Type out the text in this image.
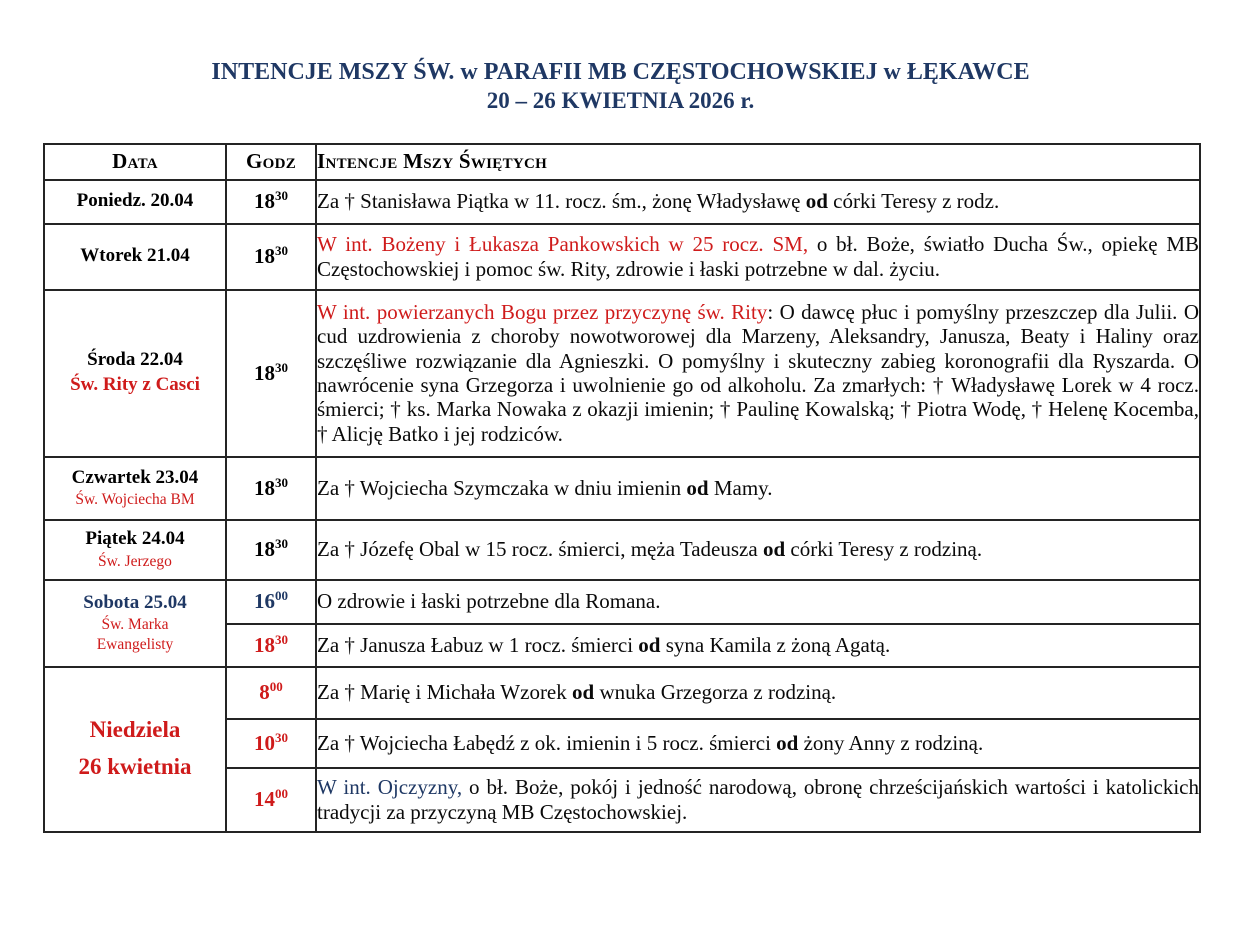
INTENCJE MSZY ŚW. w PARAFII MB CZĘSTOCHOWSKIEJ w ŁĘKAWCE
20 – 26 KWIETNIA 2026 r.
Data	Godz	Intencje Mszy Świętych

Poniedz. 20.04	$18^{30}$	Za † Stanisława Piątka w 11. rocz. śm., żonę Władysławę od córki Teresy z rodz.

Wtorek 21.04	$18^{30}$	W int. Bożeny i Łukasza Pankowskich w 25 rocz. SM, o bł. Boże, światło Ducha Św., opiekę MB Częstochowskiej i pomoc św. Rity, zdrowie i łaski potrzebne w dal. życiu.

Środa 22.04
Św. Rity z Casci	$18^{30}$	W int. powierzanych Bogu przez przyczynę św. Rity: O dawcę płuc i pomyślny przeszczep dla Julii. O cud uzdrowienia z choroby nowotworowej dla Marzeny, Aleksandry, Janusza, Beaty i Haliny oraz szczęśliwe rozwiązanie dla Agnieszki. O pomyślny i skuteczny zabieg koronografii dla Ryszarda. O nawrócenie syna Grzegorza i uwolnienie go od alkoholu. Za zmarłych: † Władysławę Lorek w 4 rocz. śmierci; † ks. Marka Nowaka z okazji imienin; † Paulinę Kowalską; † Piotra Wodę, † Helenę Kocemba, † Alicję Batko i jej rodziców.

Czwartek 23.04
Św. Wojciecha BM	$18^{30}$	Za † Wojciecha Szymczaka w dniu imienin od Mamy.

Piątek 24.04
Św. Jerzego	$18^{30}$	Za † Józefę Obal w 15 rocz. śmierci, męża Tadeusza od córki Teresy z rodziną.

Sobota 25.04
Św. Marka
Ewangelisty	$16^{00}$	O zdrowie i łaski potrzebne dla Romana.
	$18^{30}$	Za † Janusza Łabuz w 1 rocz. śmierci od syna Kamila z żoną Agatą.

Niedziela
26 kwietnia	$8^{00}$	Za † Marię i Michała Wzorek od wnuka Grzegorza z rodziną.
	$10^{30}$	Za † Wojciecha Łabędź z ok. imienin i 5 rocz. śmierci od żony Anny z rodziną.
	$14^{00}$	W int. Ojczyzny, o bł. Boże, pokój i jedność narodową, obronę chrześcijańskich wartości i katolickich tradycji za przyczyną MB Częstochowskiej.
